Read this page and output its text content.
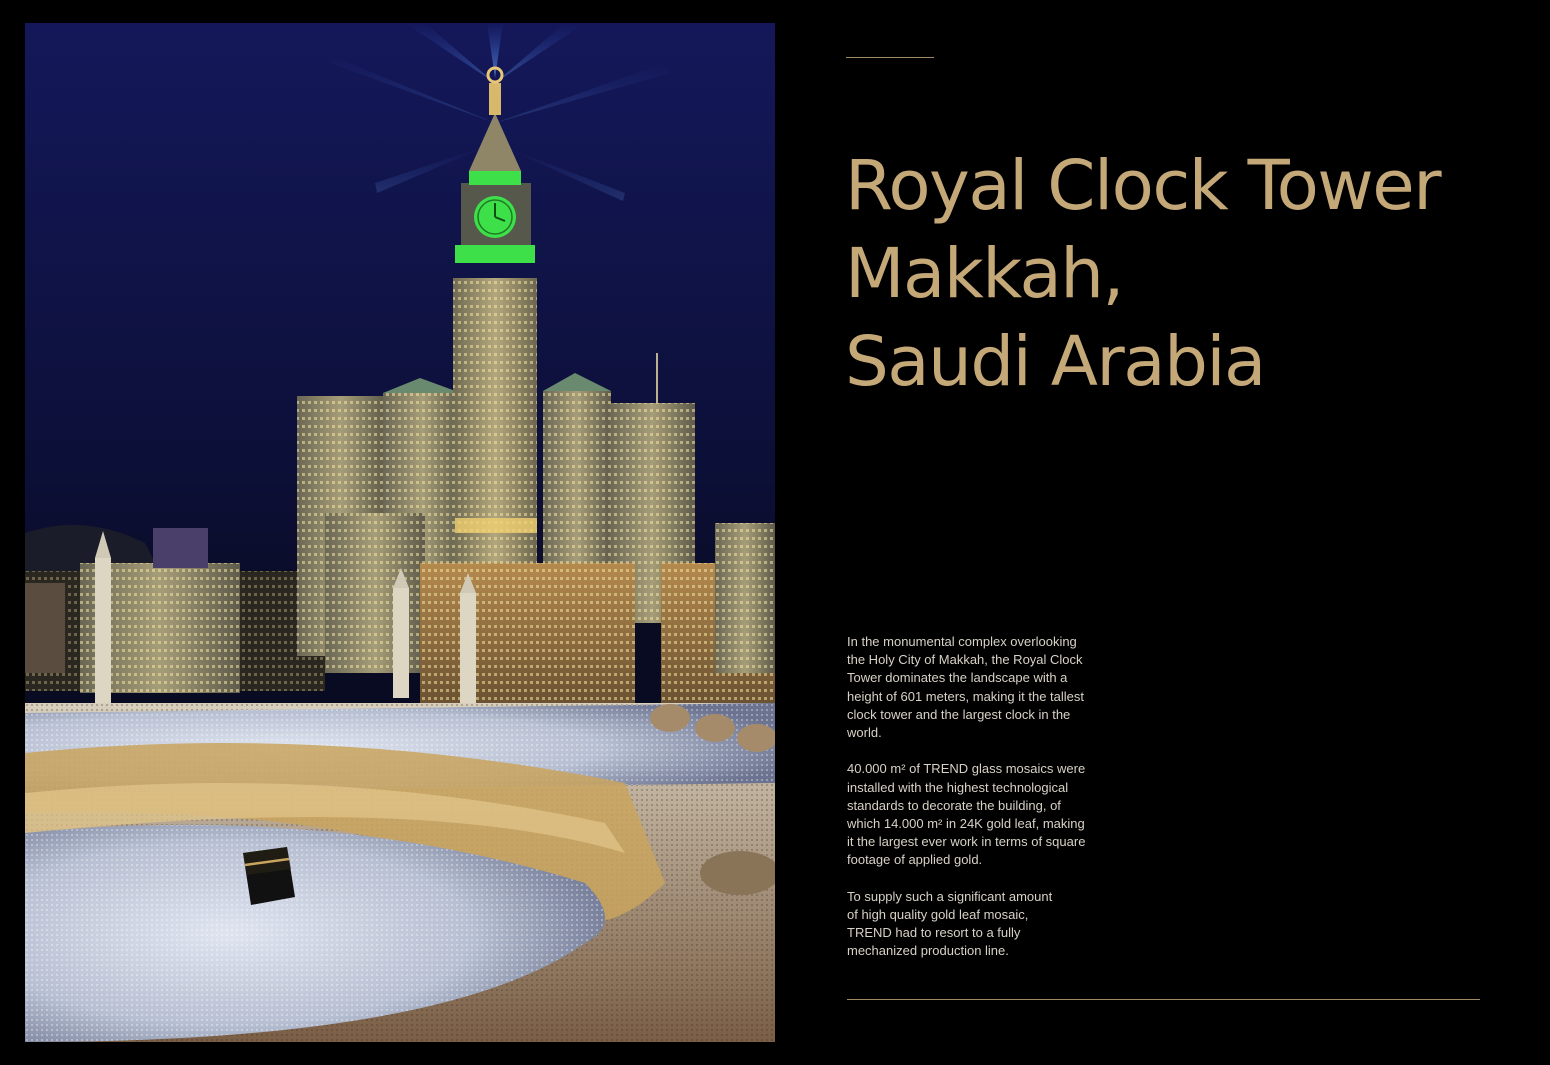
Royal Clock Tower
Makkah,
Saudi Arabia

In the monumental complex overlooking
the Holy City of Makkah, the Royal Clock
Tower dominates the landscape with a
height of 601 meters, making it the tallest
clock tower and the largest clock in the
world.

40.000 m² of TREND glass mosaics were
installed with the highest technological
standards to decorate the building, of
which 14.000 m² in 24K gold leaf, making
it the largest ever work in terms of square
footage of applied gold.

To supply such a significant amount
of high quality gold leaf mosaic,
TREND had to resort to a fully
mechanized production line.
